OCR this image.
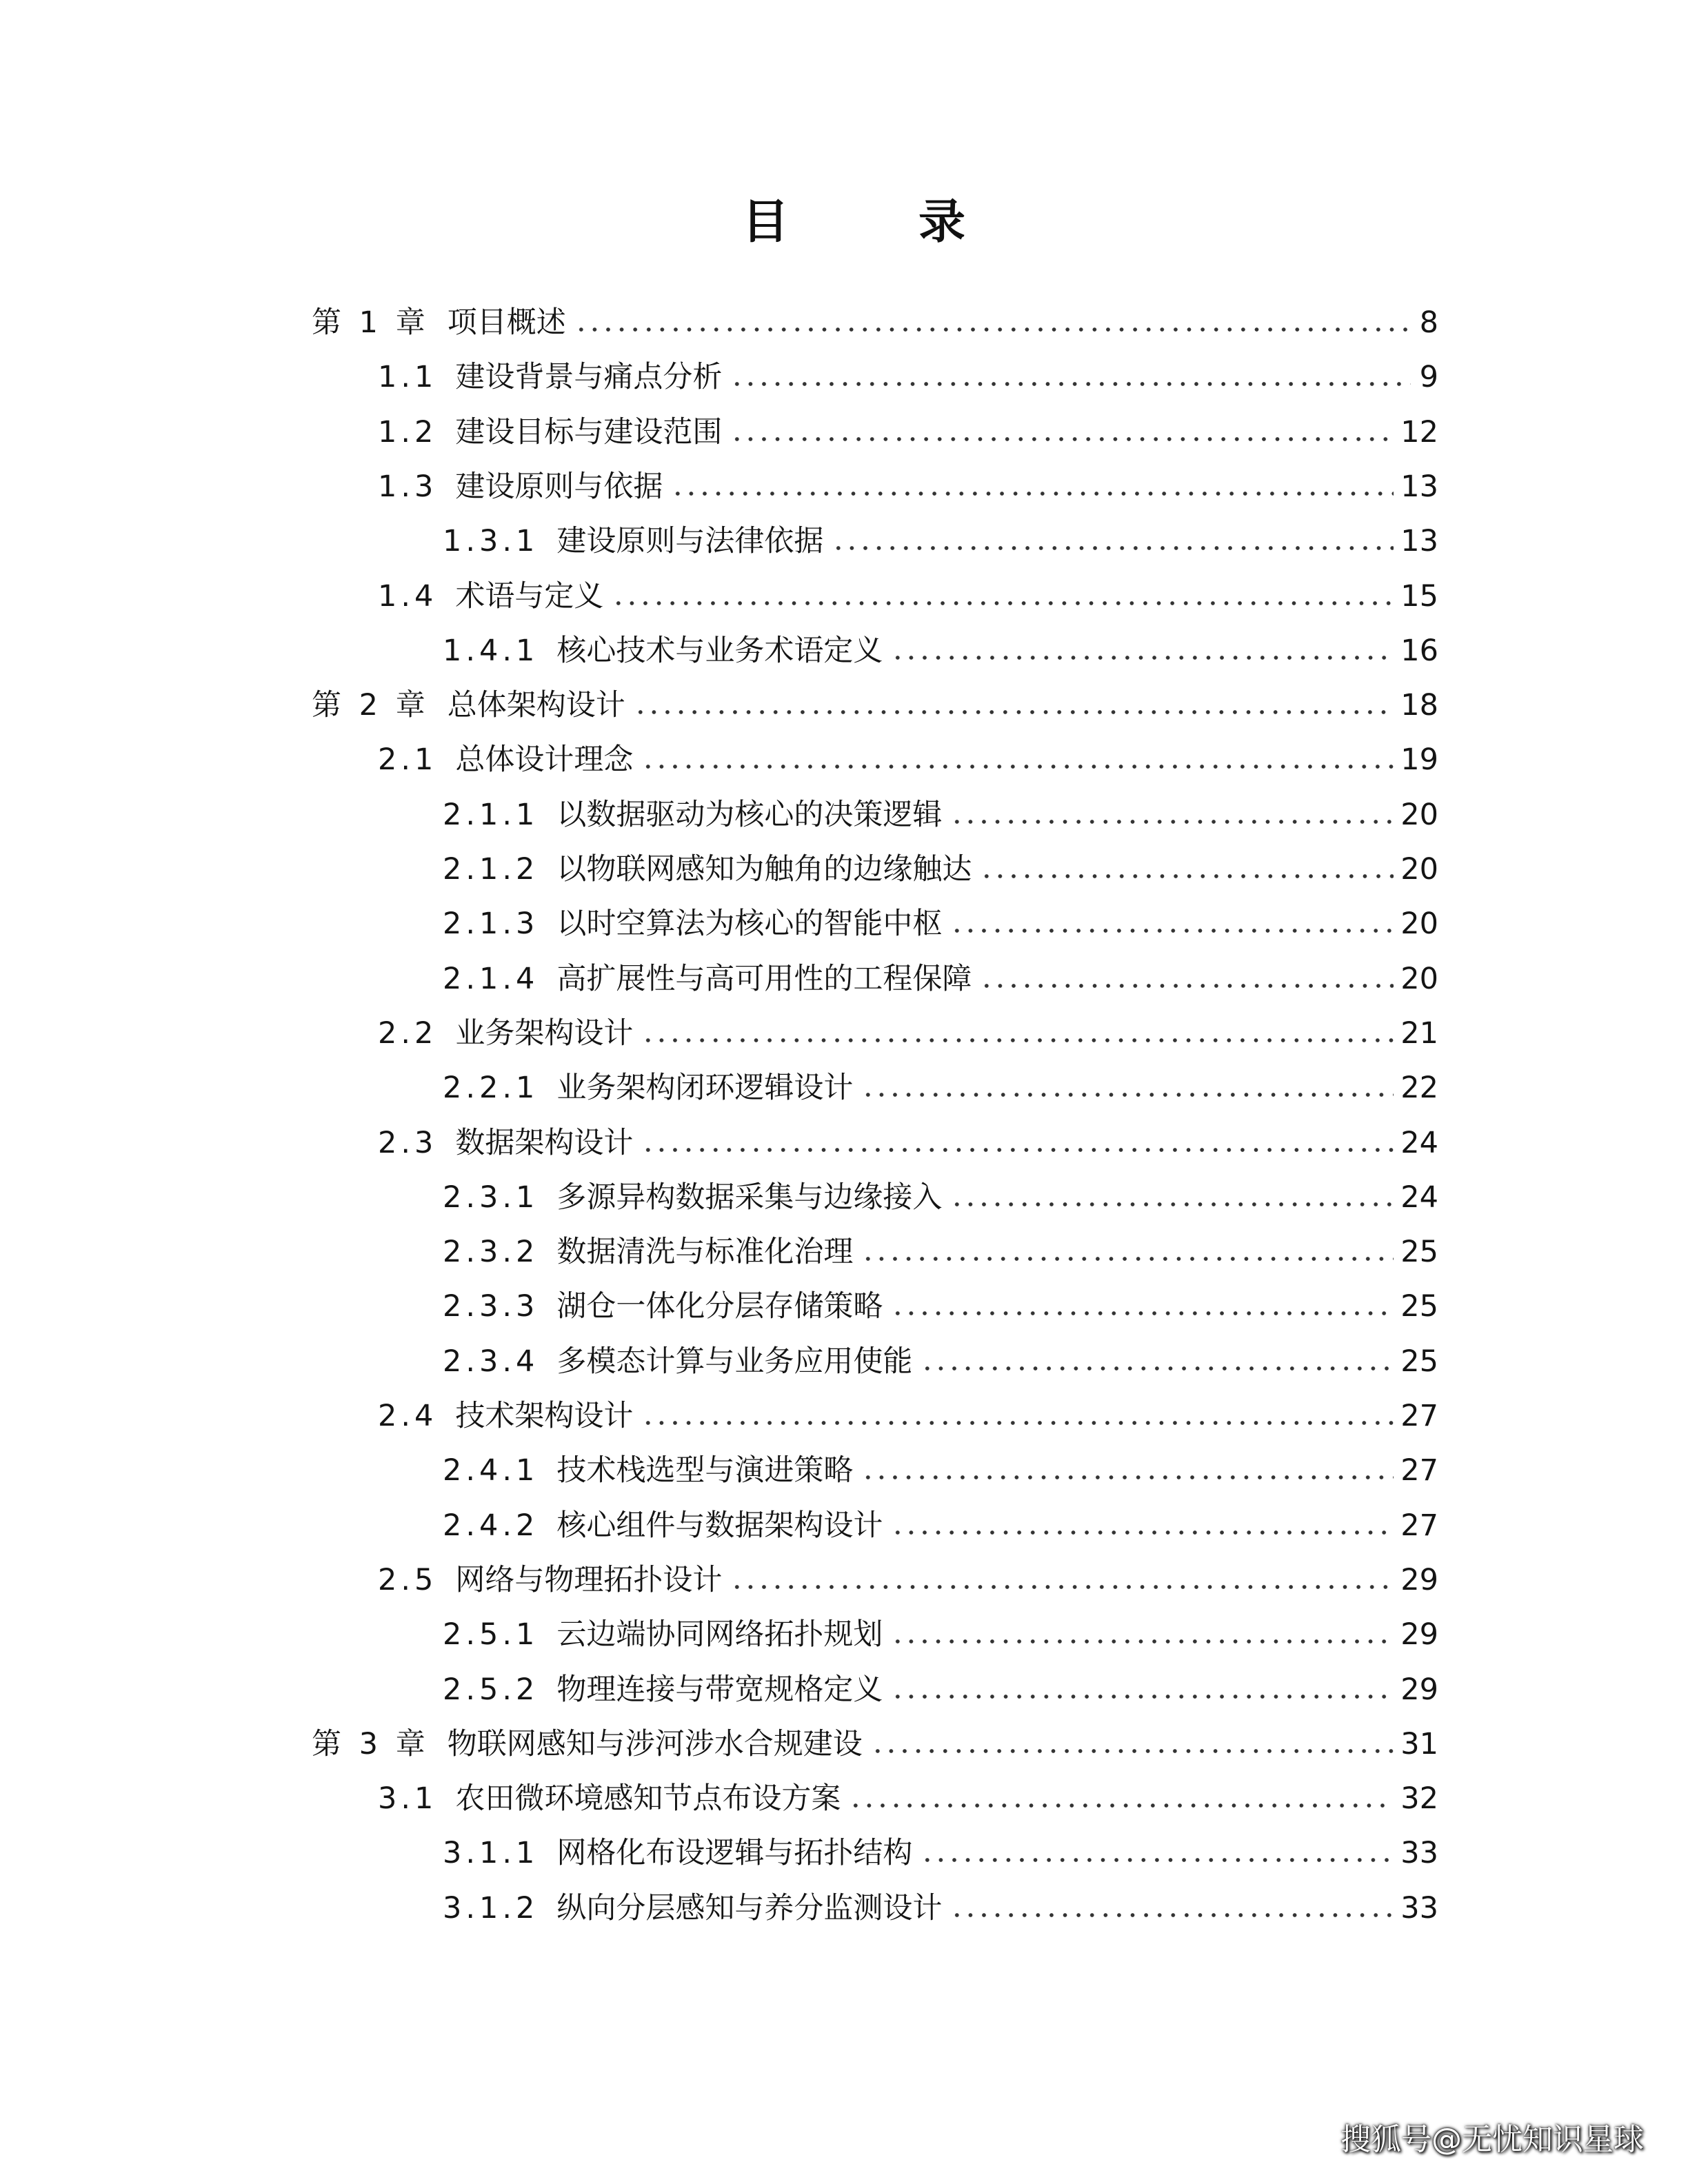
目　录
第 1 章 项目概述	8
1.1 建设背景与痛点分析	9
1.2 建设目标与建设范围	12
1.3 建设原则与依据	13
1.3.1 建设原则与法律依据	13
1.4 术语与定义	15
1.4.1 核心技术与业务术语定义	16
第 2 章 总体架构设计	18
2.1 总体设计理念	19
2.1.1 以数据驱动为核心的决策逻辑	20
2.1.2 以物联网感知为触角的边缘触达	20
2.1.3 以时空算法为核心的智能中枢	20
2.1.4 高扩展性与高可用性的工程保障	20
2.2 业务架构设计	21
2.2.1 业务架构闭环逻辑设计	22
2.3 数据架构设计	24
2.3.1 多源异构数据采集与边缘接入	24
2.3.2 数据清洗与标准化治理	25
2.3.3 湖仓一体化分层存储策略	25
2.3.4 多模态计算与业务应用使能	25
2.4 技术架构设计	27
2.4.1 技术栈选型与演进策略	27
2.4.2 核心组件与数据架构设计	27
2.5 网络与物理拓扑设计	29
2.5.1 云边端协同网络拓扑规划	29
2.5.2 物理连接与带宽规格定义	29
第 3 章 物联网感知与涉河涉水合规建设	31
3.1 农田微环境感知节点布设方案	32
3.1.1 网格化布设逻辑与拓扑结构	33
3.1.2 纵向分层感知与养分监测设计	33
搜狐号@无忧知识星球
